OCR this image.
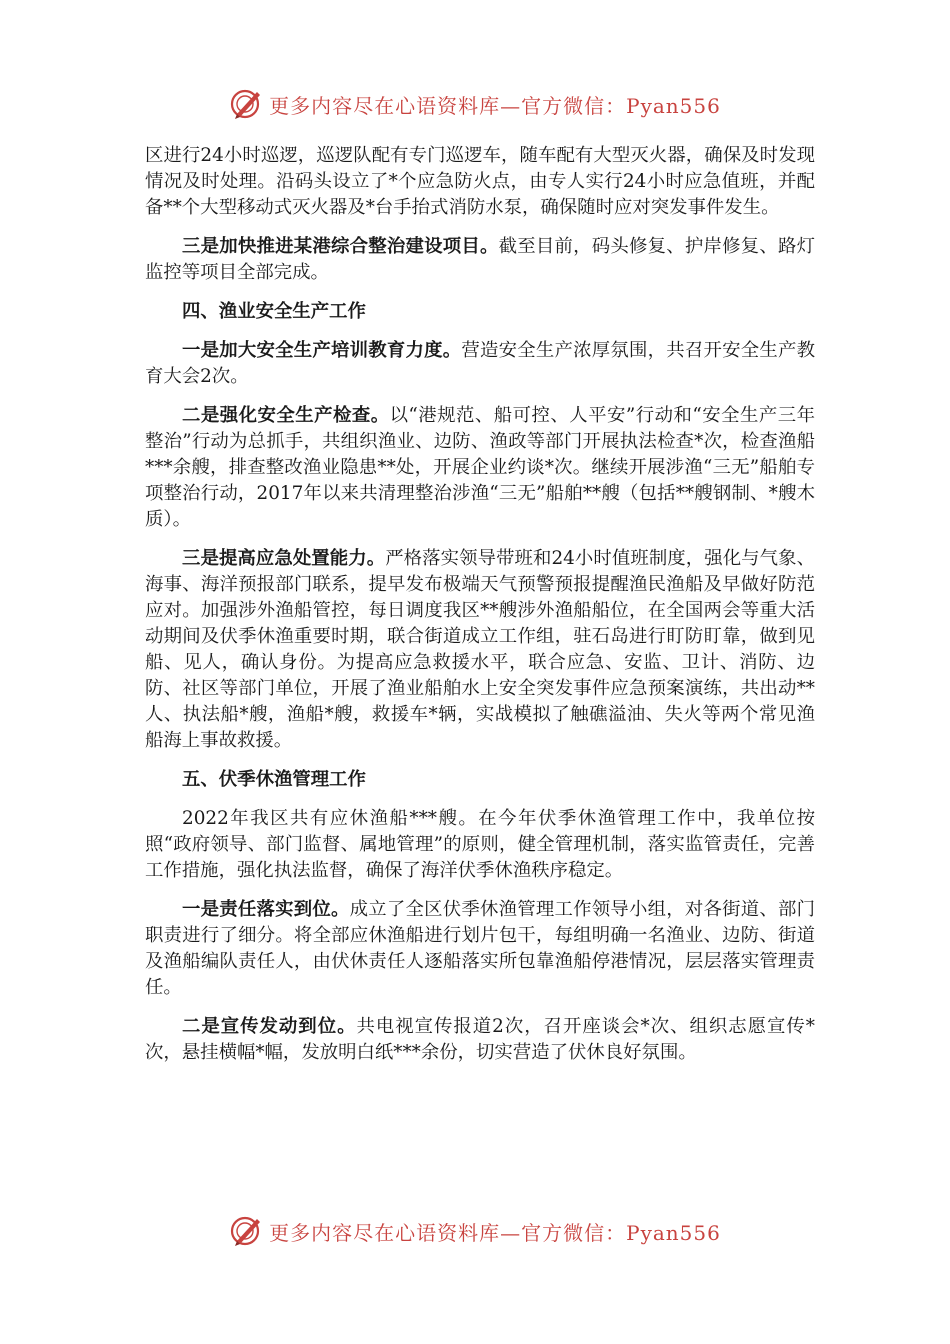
更多内容尽在心语资料库—官方微信：Pyan556

区进行24小时巡逻，巡逻队配有专门巡逻车，随车配有大型灭火器，确保及时发现情况及时处理。沿码头设立了*个应急防火点，由专人实行24小时应急值班，并配备**个大型移动式灭火器及*台手抬式消防水泵，确保随时应对突发事件发生。

三是加快推进某港综合整治建设项目。截至目前，码头修复、护岸修复、路灯监控等项目全部完成。

四、渔业安全生产工作

一是加大安全生产培训教育力度。营造安全生产浓厚氛围，共召开安全生产教育大会2次。

二是强化安全生产检查。以“港规范、船可控、人平安”行动和“安全生产三年整治”行动为总抓手，共组织渔业、边防、渔政等部门开展执法检查*次，检查渔船***余艘，排查整改渔业隐患**处，开展企业约谈*次。继续开展涉渔“三无”船舶专项整治行动，2017年以来共清理整治涉渔“三无”船舶**艘（包括**艘钢制、*艘木质）。

三是提高应急处置能力。严格落实领导带班和24小时值班制度，强化与气象、海事、海洋预报部门联系，提早发布极端天气预警预报提醒渔民渔船及早做好防范应对。加强涉外渔船管控，每日调度我区**艘涉外渔船船位，在全国两会等重大活动期间及伏季休渔重要时期，联合街道成立工作组，驻石岛进行盯防盯靠，做到见船、见人，确认身份。为提高应急救援水平，联合应急、安监、卫计、消防、边防、社区等部门单位，开展了渔业船舶水上安全突发事件应急预案演练，共出动**人、执法船*艘，渔船*艘，救援车*辆，实战模拟了触礁溢油、失火等两个常见渔船海上事故救援。

五、伏季休渔管理工作

2022年我区共有应休渔船***艘。在今年伏季休渔管理工作中，我单位按照“政府领导、部门监督、属地管理”的原则，健全管理机制，落实监管责任，完善工作措施，强化执法监督，确保了海洋伏季休渔秩序稳定。

一是责任落实到位。成立了全区伏季休渔管理工作领导小组，对各街道、部门职责进行了细分。将全部应休渔船进行划片包干，每组明确一名渔业、边防、街道及渔船编队责任人，由伏休责任人逐船落实所包靠渔船停港情况，层层落实管理责任。

二是宣传发动到位。共电视宣传报道2次，召开座谈会*次、组织志愿宣传*次，悬挂横幅*幅，发放明白纸***余份，切实营造了伏休良好氛围。

更多内容尽在心语资料库—官方微信：Pyan556
